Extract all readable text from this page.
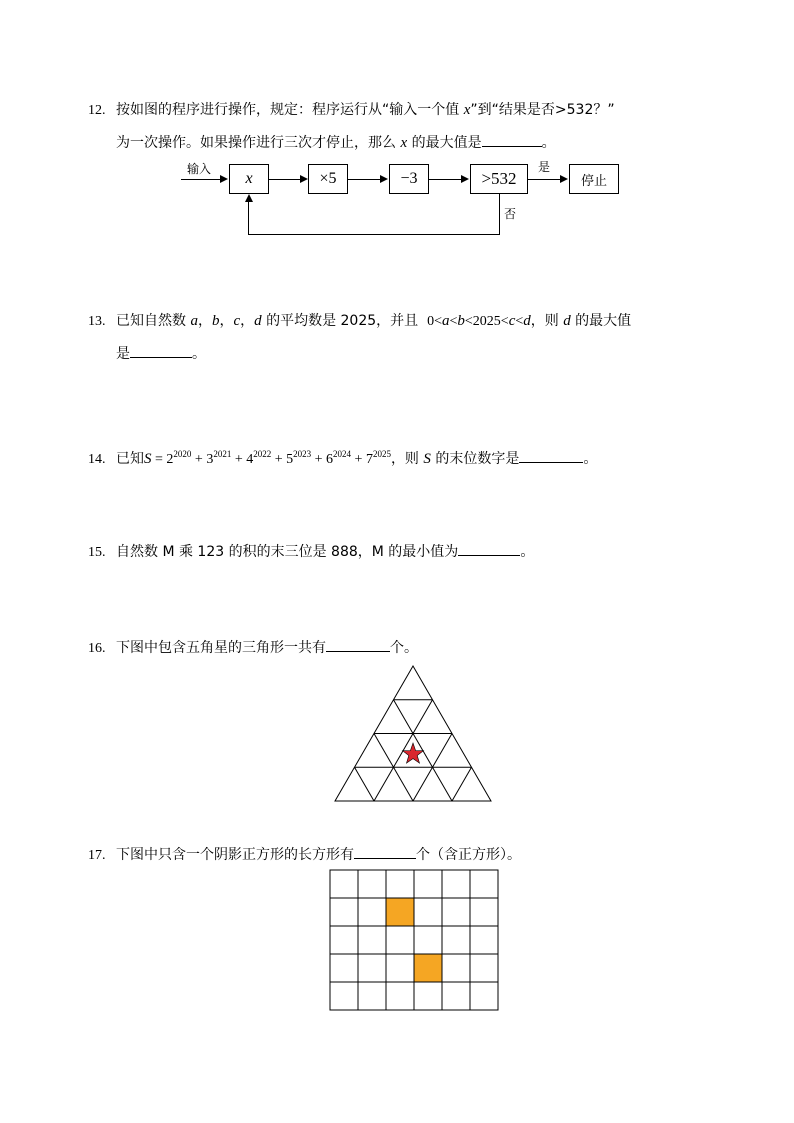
12. 按如图的程序进行操作，规定：程序运行从“输入一个值 x”到“结果是否>532？”
为一次操作。如果操作进行三次才停止，那么 x 的最大值是	。
输入
x	×5	−3	>532
是
停止
否
13. 已知自然数 a，b，c，d 的平均数是 2025，并且 0<a<b<2025<c<d，则 d 的最大值
是	。
14. 已知$S = 2^{2020} + 3^{2021} + 4^{2022} + 5^{2023} + 6^{2024} + 7^{2025}$，则 S 的末位数字是	。
15. 自然数 M 乘 123 的积的末三位是 888，M 的最小值为	。
16. 下图中包含五角星的三角形一共有	个。
17. 下图中只含一个阴影正方形的长方形有	个（含正方形）。
